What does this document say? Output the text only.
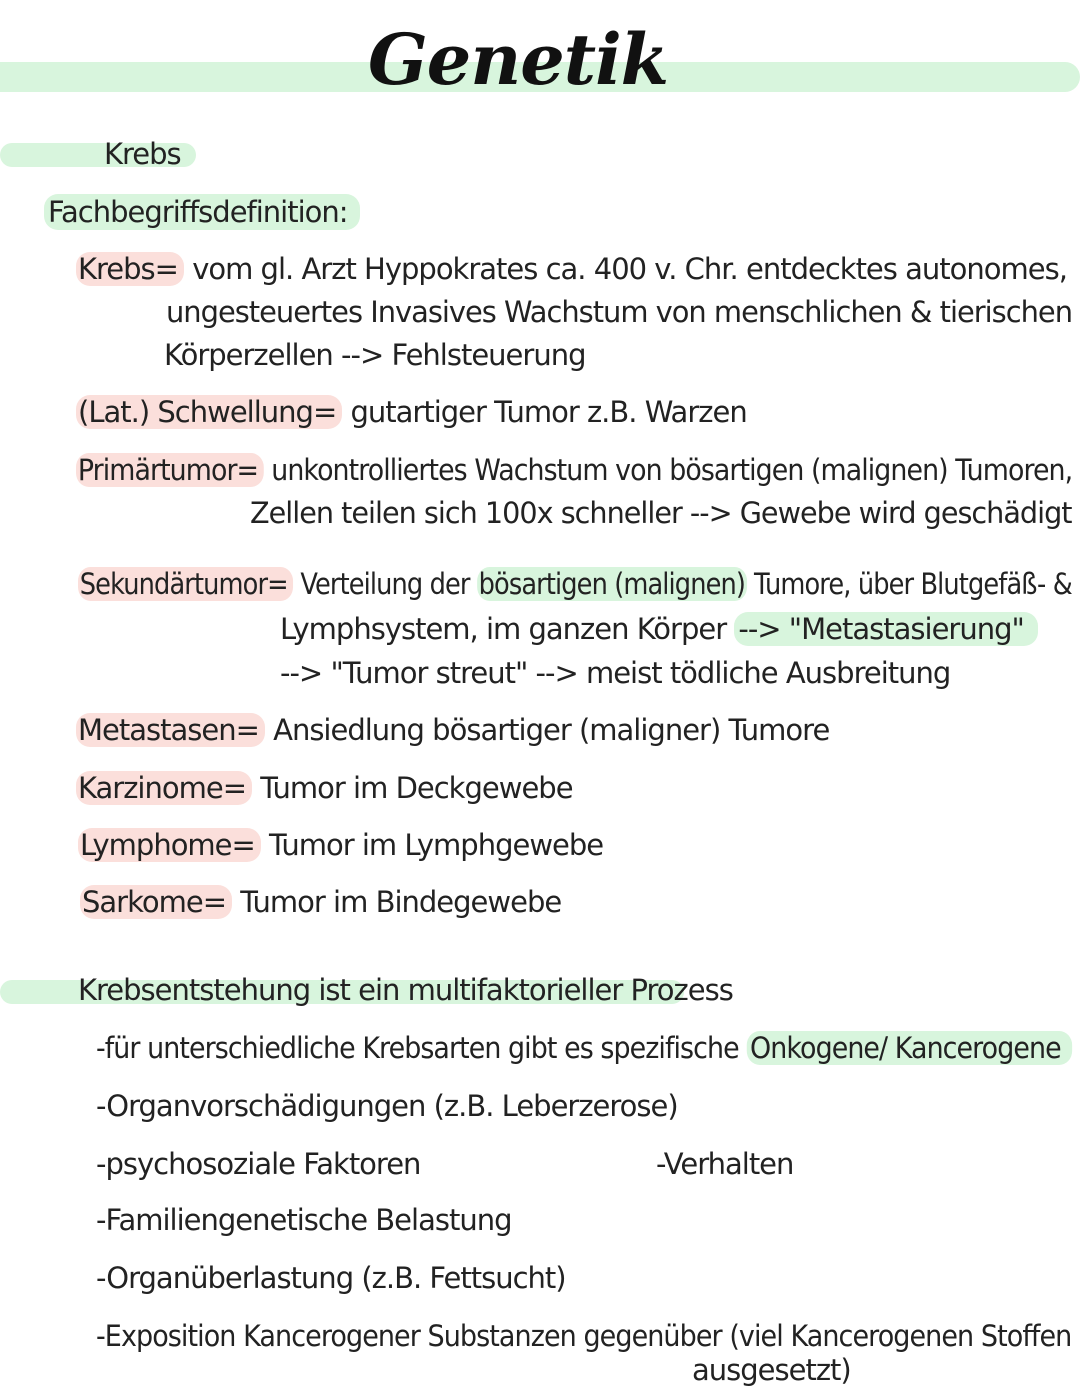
Genetik
Krebs
Fachbegriffsdefinition:
Krebs= vom gl. Arzt Hyppokrates ca. 400 v. Chr. entdecktes autonomes,
ungesteuertes Invasives Wachstum von menschlichen & tierischen
Körperzellen --> Fehlsteuerung
(Lat.) Schwellung= gutartiger Tumor z.B. Warzen
Primärtumor= unkontrolliertes Wachstum von bösartigen (malignen) Tumoren,
Zellen teilen sich 100x schneller --> Gewebe wird geschädigt
Sekundärtumor= Verteilung der bösartigen (malignen) Tumore, über Blutgefäß- &
Lymphsystem, im ganzen Körper --> "Metastasierung"
--> "Tumor streut" --> meist tödliche Ausbreitung
Metastasen= Ansiedlung bösartiger (maligner) Tumore
Karzinome= Tumor im Deckgewebe
Lymphome= Tumor im Lymphgewebe
Sarkome= Tumor im Bindegewebe
Krebsentstehung ist ein multifaktorieller Prozess
-für unterschiedliche Krebsarten gibt es spezifische Onkogene/ Kancerogene
-Organvorschädigungen (z.B. Leberzerose)
-psychosoziale Faktoren	-Verhalten
-Familiengenetische Belastung
-Organüberlastung (z.B. Fettsucht)
-Exposition Kancerogener Substanzen gegenüber (viel Kancerogenen Stoffen
ausgesetzt)
